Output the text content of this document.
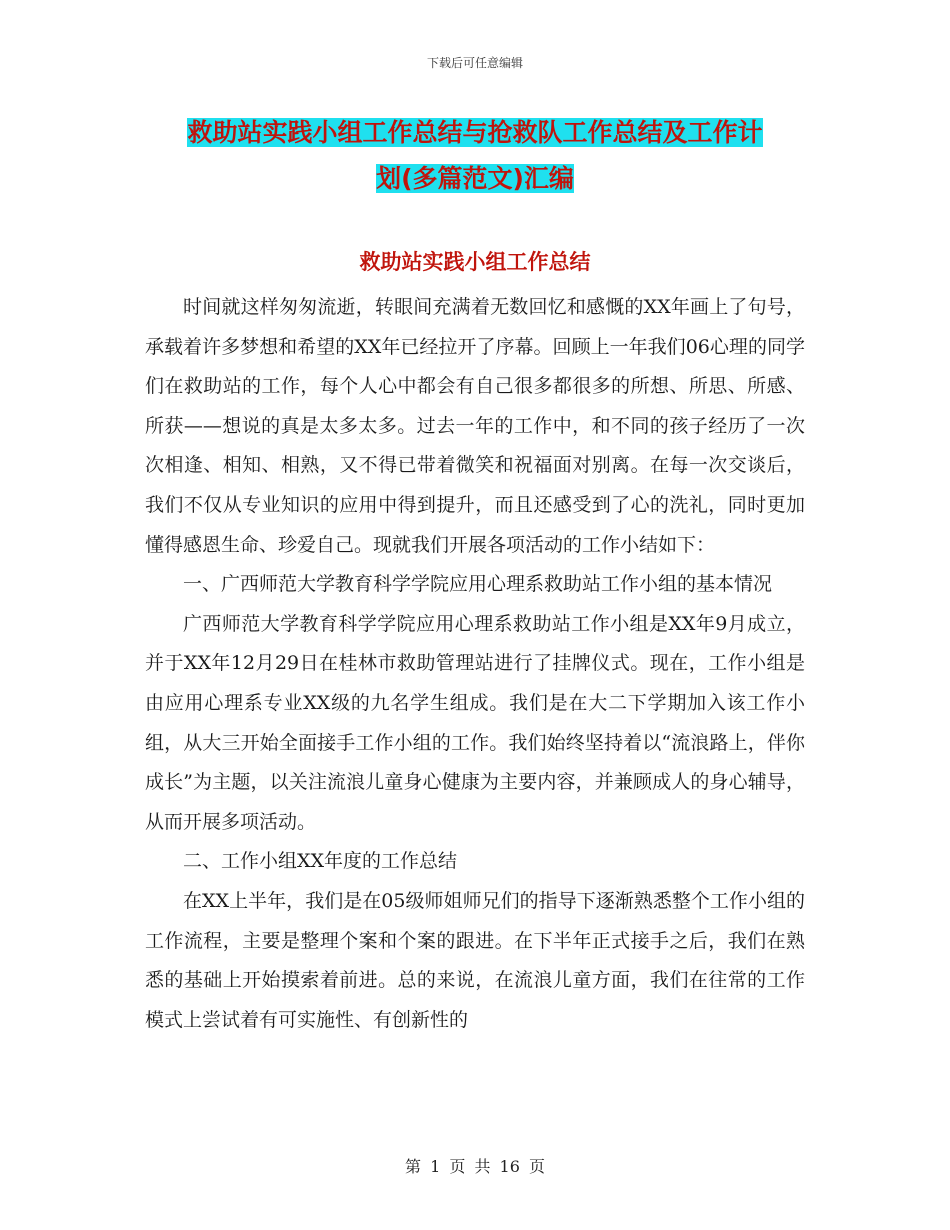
下载后可任意编辑
救助站实践小组工作总结与抢救队工作总结及工作计
划(多篇范文)汇编
救助站实践小组工作总结

时间就这样匆匆流逝，转眼间充满着无数回忆和感慨的XX年画上了句号，承载着许多梦想和希望的XX年已经拉开了序幕。回顾上一年我们06心理的同学们在救助站的工作，每个人心中都会有自己很多都很多的所想、所思、所感、所获——想说的真是太多太多。过去一年的工作中，和不同的孩子经历了一次次相逢、相知、相熟，又不得已带着微笑和祝福面对别离。在每一次交谈后，我们不仅从专业知识的应用中得到提升，而且还感受到了心的洗礼，同时更加懂得感恩生命、珍爱自己。现就我们开展各项活动的工作小结如下：

一、广西师范大学教育科学学院应用心理系救助站工作小组的基本情况

广西师范大学教育科学学院应用心理系救助站工作小组是XX年9月成立，并于XX年12月29日在桂林市救助管理站进行了挂牌仪式。现在，工作小组是由应用心理系专业XX级的九名学生组成。我们是在大二下学期加入该工作小组，从大三开始全面接手工作小组的工作。我们始终坚持着以“流浪路上，伴你成长”为主题，以关注流浪儿童身心健康为主要内容，并兼顾成人的身心辅导，从而开展多项活动。

二、工作小组XX年度的工作总结

在XX上半年，我们是在05级师姐师兄们的指导下逐渐熟悉整个工作小组的工作流程，主要是整理个案和个案的跟进。在下半年正式接手之后，我们在熟悉的基础上开始摸索着前进。总的来说，在流浪儿童方面，我们在往常的工作模式上尝试着有可实施性、有创新性的

第 1 页 共 16 页
